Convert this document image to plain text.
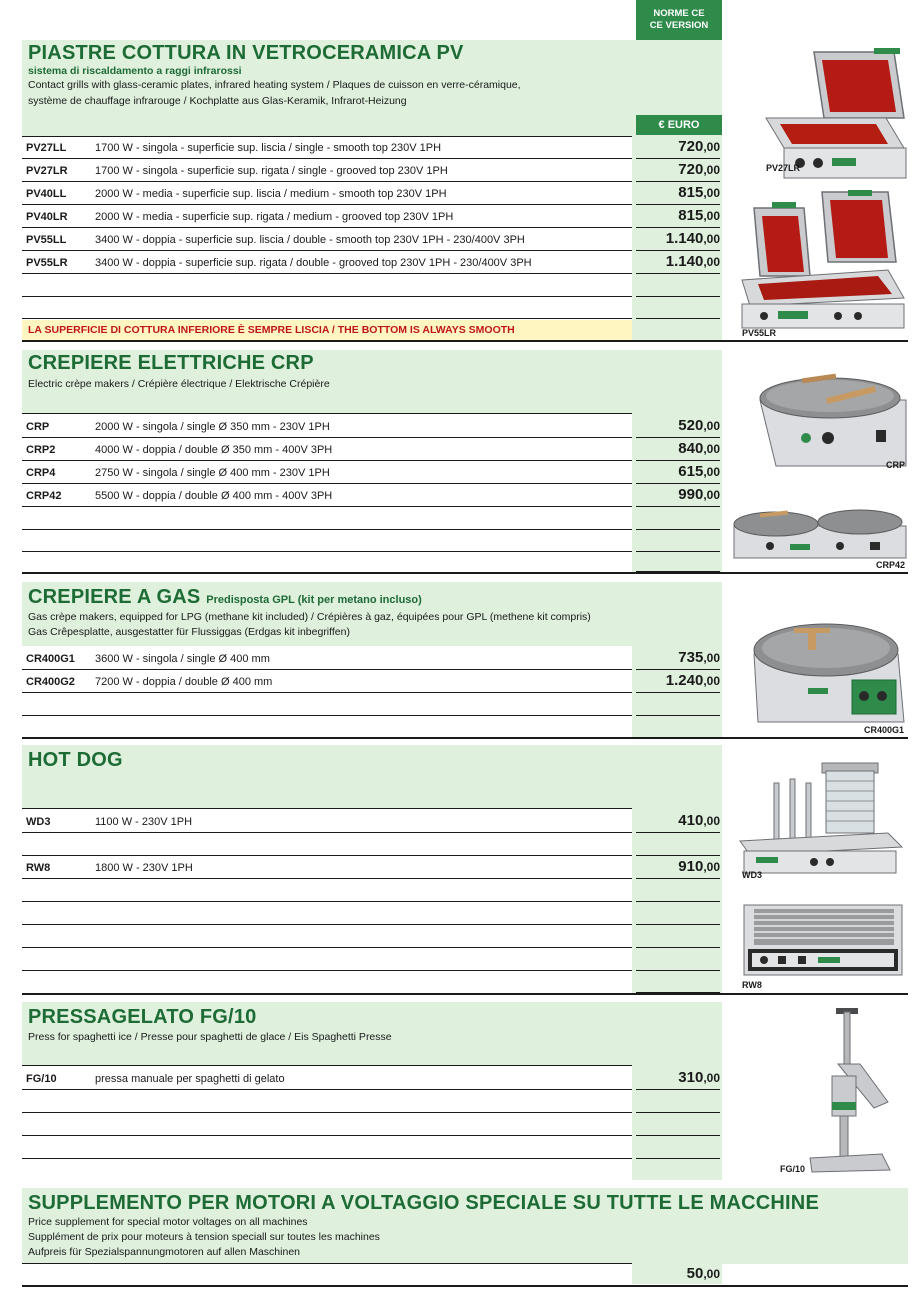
NORME CE
CE VERSION
PV27LR
PV55LR
PIASTRE COTTURA IN VETROCERAMICA PV
sistema di riscaldamento a raggi infrarossi
Contact grills with glass-ceramic plates, infrared heating system / Plaques de cuisson en verre-céramique,
système de chauffage infrarouge / Kochplatte aus Glas-Keramik, Infrarot-Heizung
€ EURO
PV27LL	1700 W - singola - superficie sup. liscia / single - smooth top 230V 1PH	720,00
PV27LR 1700 W - singola - superficie sup. rigata / single - grooved top 230V 1PH	720,00
PV40LL	2000 W - media - superficie sup. liscia / medium - smooth top 230V 1PH	815,00
PV40LR 2000 W - media - superficie sup. rigata / medium - grooved top 230V 1PH	815,00
PV55LL	3400 W - doppia - superficie sup. liscia / double - smooth top 230V 1PH - 230/400V 3PH	1.140,00
PV55LR 3400 W - doppia - superficie sup. rigata / double - grooved top 230V 1PH - 230/400V 3PH	1.140,00
LA SUPERFICIE DI COTTURA INFERIORE È SEMPRE LISCIA / THE BOTTOM IS ALWAYS SMOOTH
CRP
CRP42
CREPIERE ELETTRICHE CRP
Electric crèpe makers / Crépière électrique / Elektrische Crépière
CRP	2000 W - singola / single Ø 350 mm - 230V 1PH	520,00
CRP2	4000 W - doppia / double Ø 350 mm - 400V 3PH	840,00
CRP4	2750 W - singola / single Ø 400 mm - 230V 1PH	615,00
CRP42	5500 W - doppia / double Ø 400 mm - 400V 3PH	990,00
CR400G1
CREPIERE A GAS Predisposta GPL (kit per metano incluso)
Gas crèpe makers, equipped for LPG (methane kit included) / Crépières à gaz, équipées pour GPL (methene kit compris)
Gas Crêpesplatte, ausgestatter für Flussiggas (Erdgas kit inbegriffen)
CR400G1 3600 W - singola / single Ø 400 mm	735,00
CR400G2 7200 W - doppia / double Ø 400 mm	1.240,00
WD3
RW8
HOT DOG
WD3	1100 W - 230V 1PH	410,00
RW8	1800 W - 230V 1PH	910,00
FG/10
PRESSAGELATO FG/10
Press for spaghetti ice / Presse pour spaghetti de glace / Eis Spaghetti Presse
FG/10	pressa manuale per spaghetti di gelato	310,00
SUPPLEMENTO PER MOTORI A VOLTAGGIO SPECIALE SU TUTTE LE MACCHINE
Price supplement for special motor voltages on all machines
Supplément de prix pour moteurs à tension speciall sur toutes les machines
Aufpreis für Spezialspannungmotoren auf allen Maschinen
50,00
